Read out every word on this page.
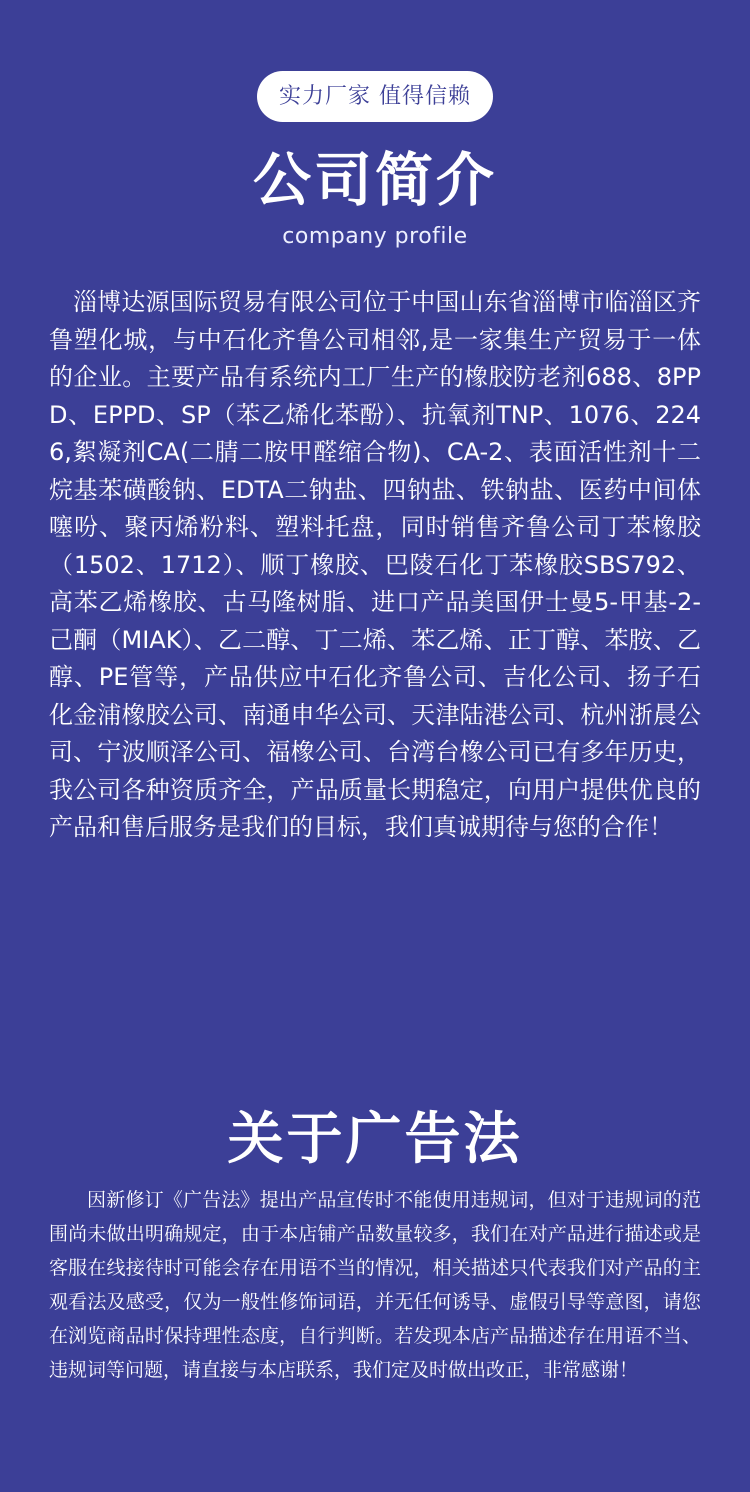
实力厂家 值得信赖
公司简介
company profile
淄博达源国际贸易有限公司位于中国山东省淄博市临淄区齐鲁塑化城，与中石化齐鲁公司相邻,是一家集生产贸易于一体的企业。主要产品有系统内工厂生产的橡胶防老剂688、8PPD、EPPD、SP（苯乙烯化苯酚）、抗氧剂TNP、1076、2246,絮凝剂CA(二腈二胺甲醛缩合物)、CA-2、表面活性剂十二烷基苯磺酸钠、EDTA二钠盐、四钠盐、铁钠盐、医药中间体噻吩、聚丙烯粉料、塑料托盘，同时销售齐鲁公司丁苯橡胶（1502、1712）、顺丁橡胶、巴陵石化丁苯橡胶SBS792、高苯乙烯橡胶、古马隆树脂、进口产品美国伊士曼5-甲基-2-己酮（MIAK）、乙二醇、丁二烯、苯乙烯、正丁醇、苯胺、乙醇、PE管等，产品供应中石化齐鲁公司、吉化公司、扬子石化金浦橡胶公司、南通申华公司、天津陆港公司、杭州浙晨公司、宁波顺泽公司、福橡公司、台湾台橡公司已有多年历史，我公司各种资质齐全，产品质量长期稳定，向用户提供优良的产品和售后服务是我们的目标，我们真诚期待与您的合作！
关于广告法
因新修订《广告法》提出产品宣传时不能使用违规词，但对于违规词的范围尚未做出明确规定，由于本店铺产品数量较多，我们在对产品进行描述或是客服在线接待时可能会存在用语不当的情况，相关描述只代表我们对产品的主观看法及感受，仅为一般性修饰词语，并无任何诱导、虚假引导等意图，请您在浏览商品时保持理性态度，自行判断。若发现本店产品描述存在用语不当、违规词等问题，请直接与本店联系，我们定及时做出改正，非常感谢！
